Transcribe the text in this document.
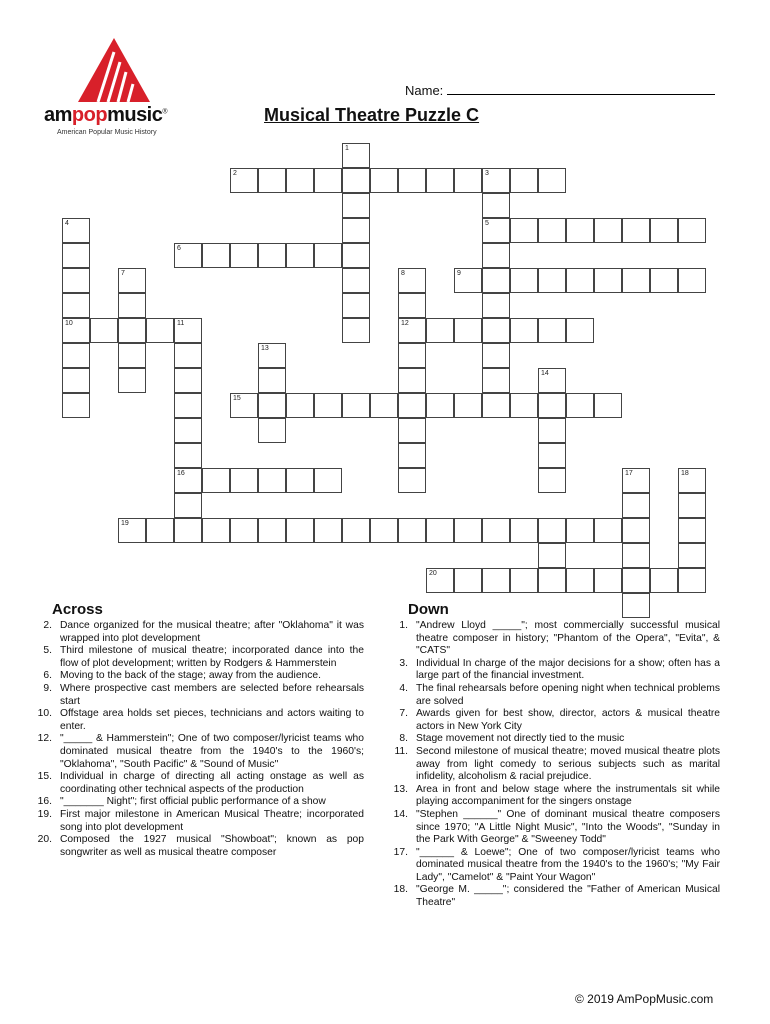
ampopmusic®
American Popular Music History
Name:
Musical Theatre Puzzle C
1
2	3
4	5
6
7	8	9
10	11	12
13
14
15
16	17	18
19
20
Across
2. Dance organized for the musical theatre; after "Oklahoma" it was wrapped into plot development
5. Third milestone of musical theatre; incorporated dance into the flow of plot development; written by Rodgers & Hammerstein
6. Moving to the back of the stage; away from the audience.
9. Where prospective cast members are selected before rehearsals start
10. Offstage area holds set pieces, technicians and actors waiting to enter.
12. "_____ & Hammerstein"; One of two composer/lyricist teams who dominated musical theatre from the 1940's to the 1960's; "Oklahoma", "South Pacific" & "Sound of Music"
15. Individual in charge of directing all acting onstage as well as coordinating other technical aspects of the production
16. "_______ Night"; first official public performance of a show
19. First major milestone in American Musical Theatre; incorporated song into plot development
20. Composed the 1927 musical "Showboat"; known as pop songwriter as well as musical theatre composer
Down
1. "Andrew Lloyd _____"; most commercially successful musical theatre composer in history; "Phantom of the Opera", "Evita", & "CATS"
3. Individual In charge of the major decisions for a show; often has a large part of the financial investment.
4. The final rehearsals before opening night when technical problems are solved
7. Awards given for best show, director, actors & musical theatre actors in New York City
8. Stage movement not directly tied to the music
11. Second milestone of musical theatre; moved musical theatre plots away from light comedy to serious subjects such as marital infidelity, alcoholism & racial prejudice.
13. Area in front and below stage where the instrumentals sit while playing accompaniment for the singers onstage
14. "Stephen ______" One of dominant musical theatre composers since 1970; "A Little Night Music", "Into the Woods", "Sunday in the Park With George" & "Sweeney Todd"
17. "______ & Loewe"; One of two composer/lyricist teams who dominated musical theatre from the 1940's to the 1960's; "My Fair Lady", "Camelot" & "Paint Your Wagon"
18. "George M. _____"; considered the "Father of American Musical Theatre"
© 2019 AmPopMusic.com
